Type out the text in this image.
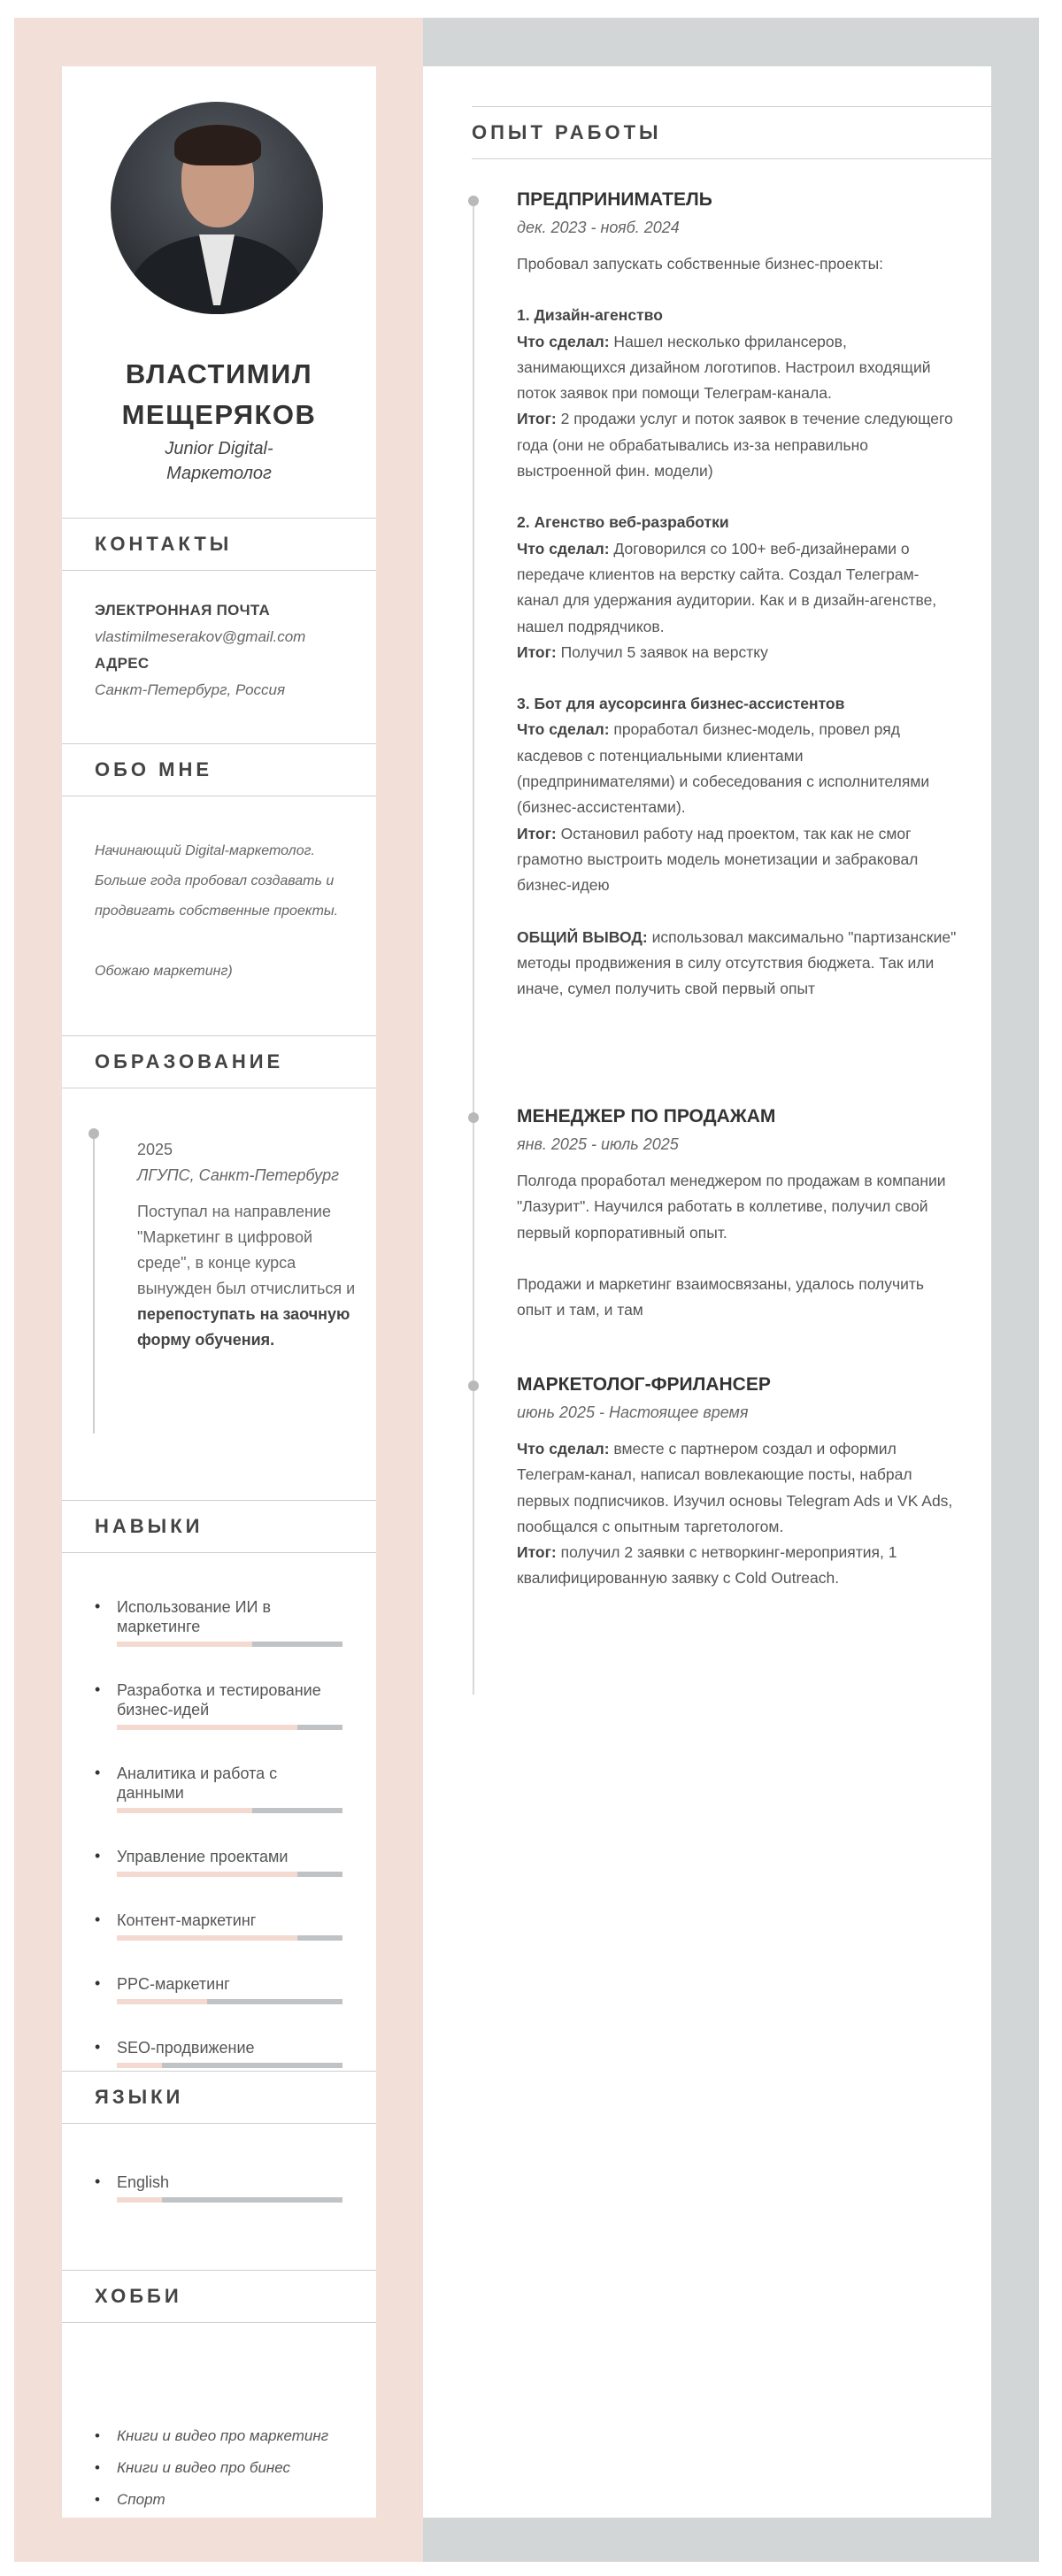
ВЛАСТИМИЛ
МЕЩЕРЯКОВ
Junior Digital-
Маркетолог
КОНТАКТЫ
ЭЛЕКТРОННАЯ ПОЧТА
vlastimilmeserakov@gmail.com
АДРЕС
Санкт-Петербург, Россия
ОБО МНЕ

Начинающий Digital-маркетолог. Больше года пробовал создавать и продвигать собственные проекты.

Обожаю маркетинг)

ОБРАЗОВАНИЕ

2025

ЛГУПС, Санкт-Петербург

Поступал на направление "Маркетинг в цифровой среде", в конце курса вынужден был отчислиться и перепоступать на заочную форму обучения.

НАВЫКИ
• Использование ИИ в маркетинге
• Разработка и тестирование бизнес-идей
• Аналитика и работа с данными
• Управление проектами
• Контент-маркетинг
• PPC-маркетинг
• SEO-продвижение
ЯЗЫКИ
• English
ХОББИ
• Книги и видео про маркетинг
• Книги и видео про бинес
• Спорт
ОПЫТ РАБОТЫ

ПРЕДПРИНИМАТЕЛЬ

дек. 2023 - нояб. 2024

Пробовал запускать собственные бизнес-проекты:

1. Дизайн-агенство

Что сделал: Нашел несколько фрилансеров, занимающихся дизайном логотипов. Настроил входящий поток заявок при помощи Телеграм-канала.

Итог: 2 продажи услуг и поток заявок в течение следующего года (они не обрабатывались из-за неправильно выстроенной фин. модели)

2. Агенство веб-разработки

Что сделал: Договорился со 100+ веб-дизайнерами о передаче клиентов на верстку сайта. Создал Телеграм-канал для удержания аудитории. Как и в дизайн-агенстве, нашел подрядчиков.

Итог: Получил 5 заявок на верстку

3. Бот для аусорсинга бизнес-ассистентов

Что сделал: проработал бизнес-модель, провел ряд касдевов с потенциальными клиентами (предпринимателями) и собеседования с исполнителями (бизнес-ассистентами).

Итог: Остановил работу над проектом, так как не смог грамотно выстроить модель монетизации и забраковал бизнес-идею

ОБЩИЙ ВЫВОД: использовал максимально "партизанские" методы продвижения в силу отсутствия бюджета. Так или иначе, сумел получить свой первый опыт

МЕНЕДЖЕР ПО ПРОДАЖАМ

янв. 2025 - июль 2025

Полгода проработал менеджером по продажам в компании "Лазурит". Научился работать в коллетиве, получил свой первый корпоративный опыт.

Продажи и маркетинг взаимосвязаны, удалось получить опыт и там, и там

МАРКЕТОЛОГ-ФРИЛАНСЕР

июнь 2025 - Настоящее время

Что сделал: вместе с партнером создал и оформил Телеграм-канал, написал вовлекающие посты, набрал первых подписчиков. Изучил основы Telegram Ads и VK Ads, пообщался с опытным таргетологом.

Итог: получил 2 заявки с нетворкинг-мероприятия, 1 квалифицированную заявку с Cold Outreach.
